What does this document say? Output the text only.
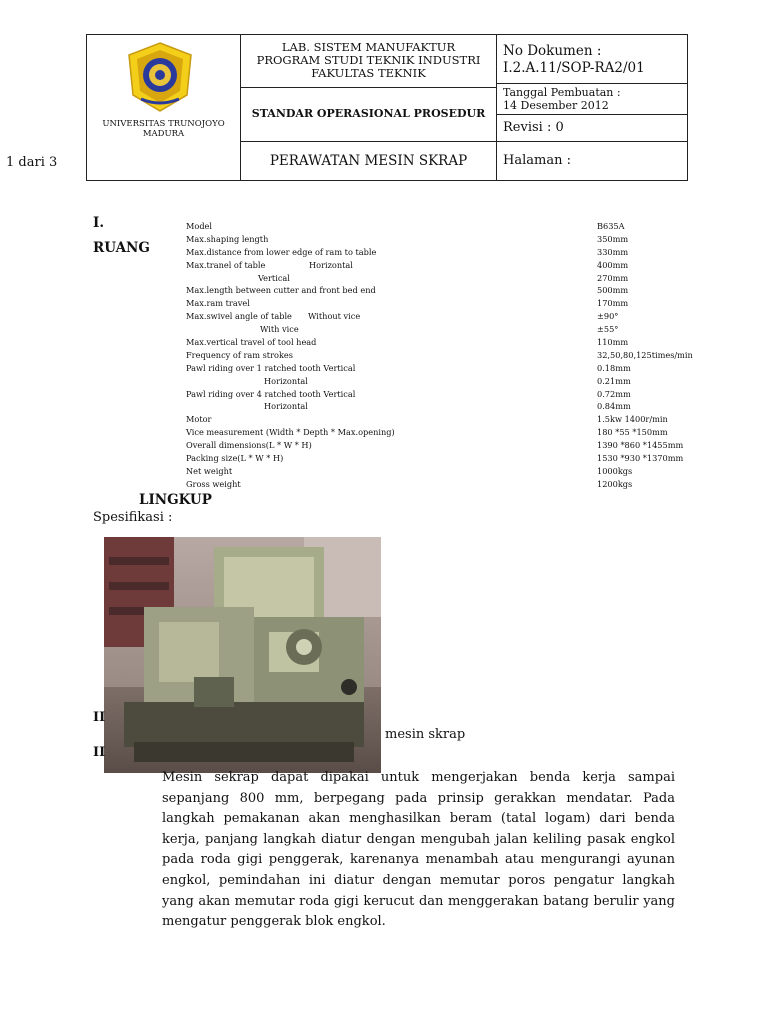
UNIVERSITAS TRUNOJOYO MADURA
LAB. SISTEM MANUFAKTUR
PROGRAM STUDI TEKNIK INDUSTRI
FAKULTAS TEKNIK
STANDAR OPERASIONAL PROSEDUR
No Dokumen :
I.2.A.11/SOP-RA2/01
Tanggal Pembuatan :
14 Desember 2012
Revisi : 0
PERAWATAN MESIN SKRAP	Halaman :
1 dari 3
I.
RUANG
Model	B635A
Max.shaping length	350mm
Max.distance from lower edge of ram to table	330mm
Max.tranel of table	Horizontal	400mm
Vertical	270mm
Max.length between cutter and front bed end	500mm
Max.ram travel	170mm
Max.swivel angle of table Without vice	±90°
With vice	±55°
Max.vertical travel of tool head	110mm
Frequency of ram strokes	32,50,80,125times/min
Pawl riding over 1 ratched tooth Vertical	0.18mm
Horizontal	0.21mm
Pawl riding over 4 ratched tooth Vertical	0.72mm
Horizontal	0.84mm
Motor	1.5kw 1400r/min
Vice measurement (Width * Depth * Max.opening)	180 *55 *150mm
Overall dimensions(L * W * H)	1390 *860 *1455mm
Packing size(L * W * H)	1530 *930 *1370mm
Net weight	1000kgs
Gross weight	1200kgs
LINGKUP
Spesifikasi :
II
II
mesin skrap

Mesin sekrap dapat dipakai untuk mengerjakan benda kerja sampai sepanjang 800 mm, berpegang pada prinsip gerakkan mendatar. Pada langkah pemakanan akan menghasilkan beram (tatal logam) dari benda kerja, panjang langkah diatur dengan mengubah jalan keliling pasak engkol pada roda gigi penggerak, karenanya menambah atau mengurangi ayunan engkol, pemindahan ini diatur dengan memutar poros pengatur langkah yang akan memutar roda gigi kerucut dan menggerakan batang berulir yang mengatur penggerak blok engkol.
